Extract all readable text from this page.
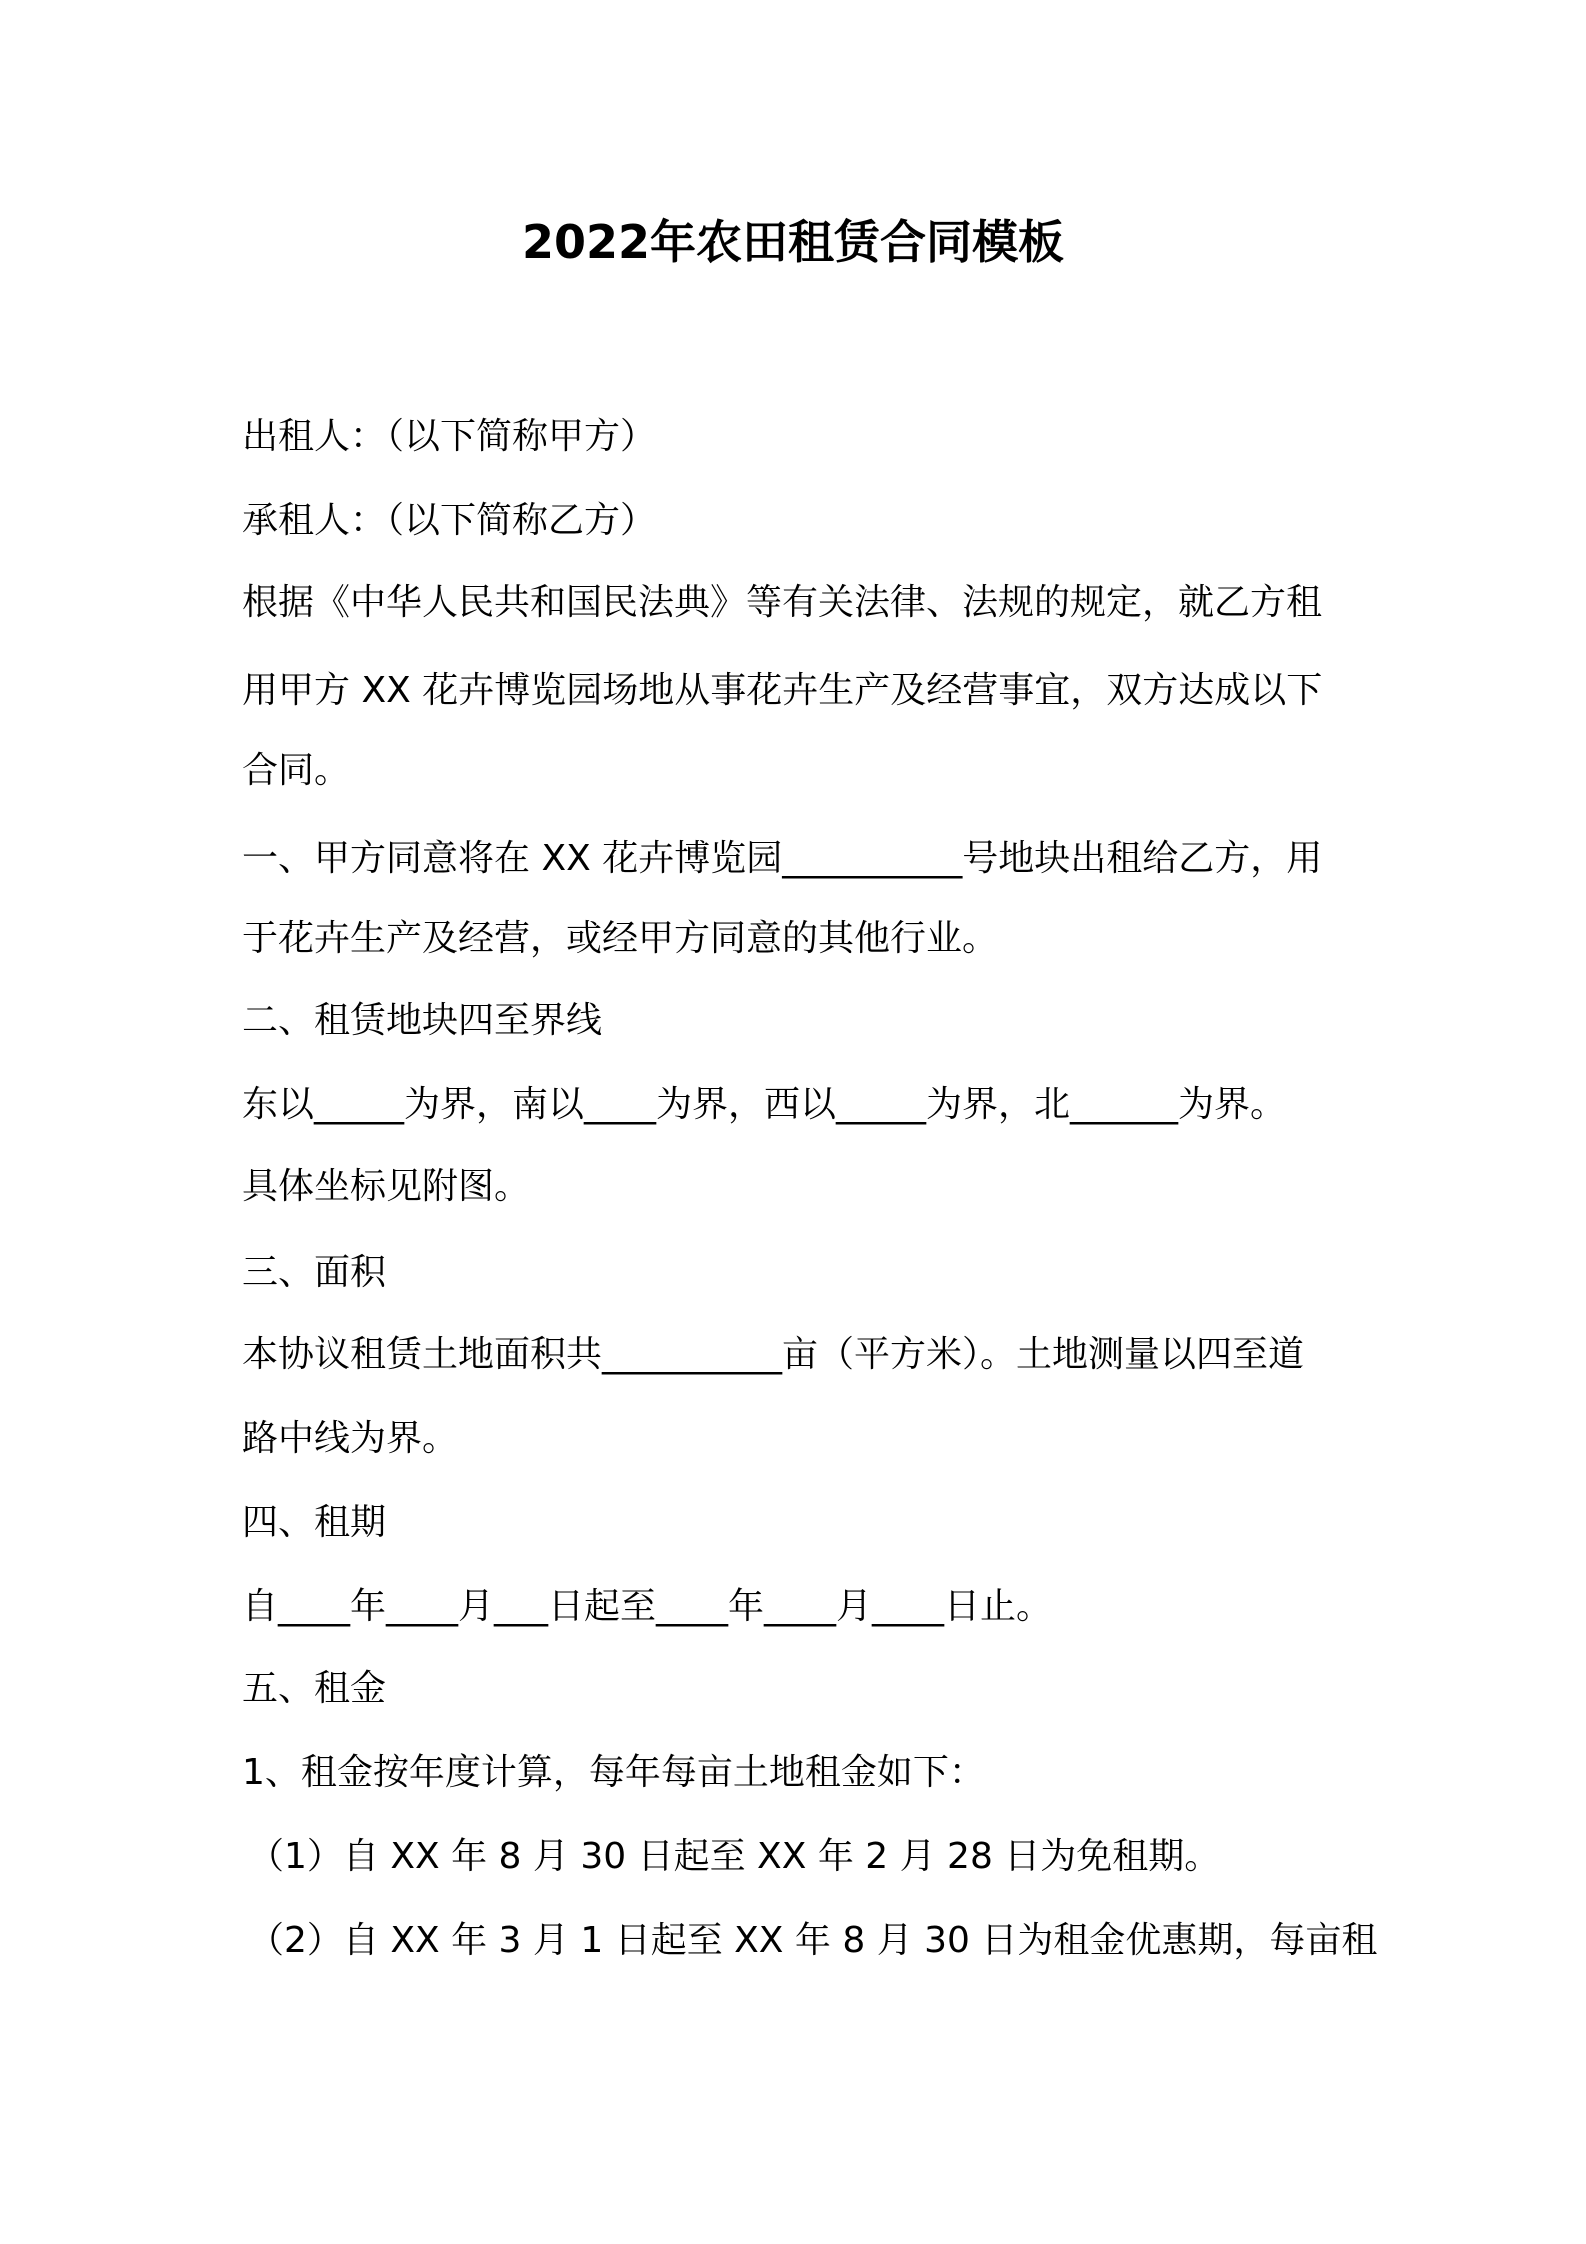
2022年农田租赁合同模板
出租人：（以下简称甲方）
承租人：（以下简称乙方）
根据《中华人民共和国民法典》等有关法律、法规的规定，就乙方租
用甲方 XX 花卉博览园场地从事花卉生产及经营事宜，双方达成以下
合同。
一、甲方同意将在 XX 花卉博览园__________号地块出租给乙方，用
于花卉生产及经营，或经甲方同意的其他行业。
二、租赁地块四至界线
东以_____为界，南以____为界，西以_____为界，北______为界。
具体坐标见附图。
三、面积
本协议租赁土地面积共__________亩（平方米）。土地测量以四至道
路中线为界。
四、租期
自____年____月___日起至____年____月____日止。
五、租金
1、租金按年度计算，每年每亩土地租金如下：
（1）自 XX 年 8 月 30 日起至 XX 年 2 月 28 日为免租期。
（2）自 XX 年 3 月 1 日起至 XX 年 8 月 30 日为租金优惠期，每亩租
